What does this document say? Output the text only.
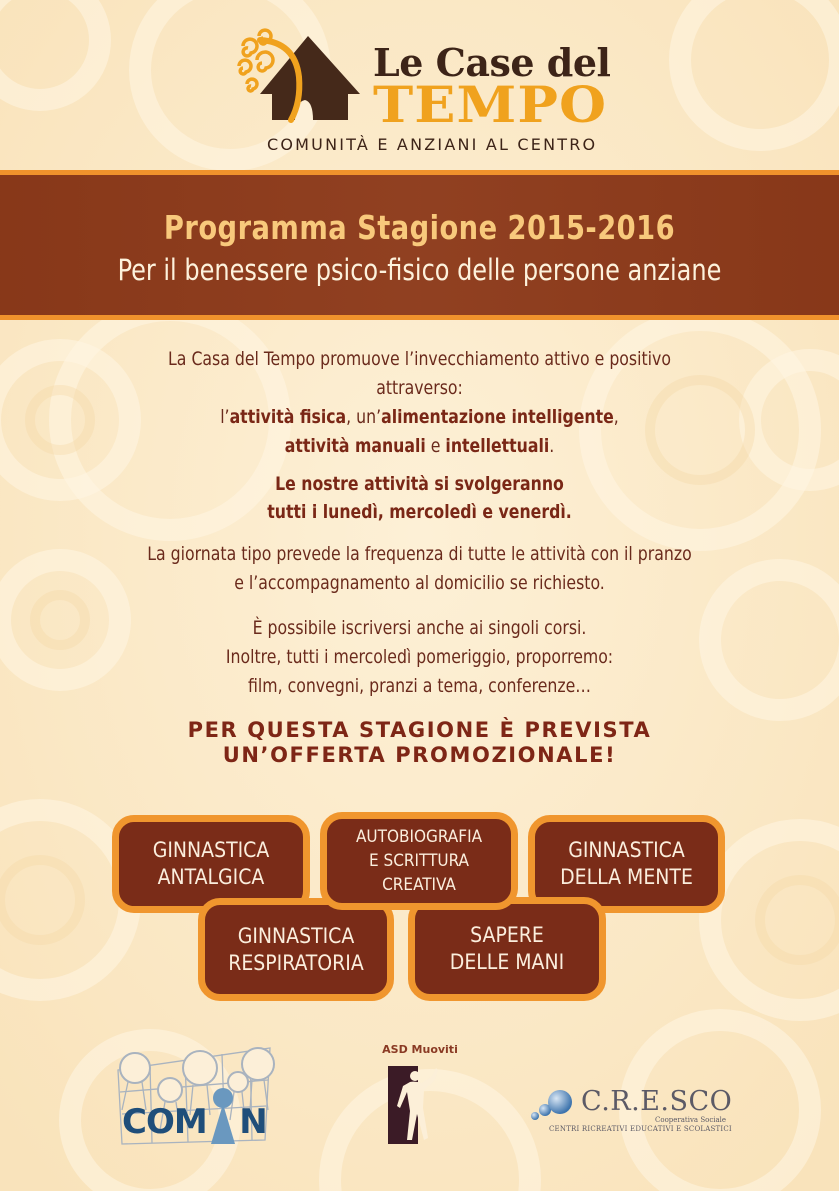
Le Case del
TEMPO
COMUNITÀ E ANZIANI AL CENTRO
Programma Stagione 2015-2016
Per il benessere psico-fisico delle persone anziane
La Casa del Tempo promuove l’invecchiamento attivo e positivo
attraverso:
l’attività fisica, un’alimentazione intelligente,
attività manuali e intellettuali.
Le nostre attività si svolgeranno
tutti i lunedì, mercoledì e venerdì.
La giornata tipo prevede la frequenza di tutte le attività con il pranzo
e l’accompagnamento al domicilio se richiesto.
È possibile iscriversi anche ai singoli corsi.
Inoltre, tutti i mercoledì pomeriggio, proporremo:
film, convegni, pranzi a tema, conferenze…
PER QUESTA STAGIONE È PREVISTA
UN’OFFERTA PROMOZIONALE!
GINNASTICA
ANTALGICA
AUTOBIOGRAFIA
E SCRITTURA
CREATIVA
GINNASTICA
DELLA MENTE
GINNASTICA
RESPIRATORIA
SAPERE
DELLE MANI
COM   N
ASD Muoviti
C.R.E.SCO
Cooperativa Sociale
CENTRI RICREATIVI EDUCATIVI E SCOLASTICI
